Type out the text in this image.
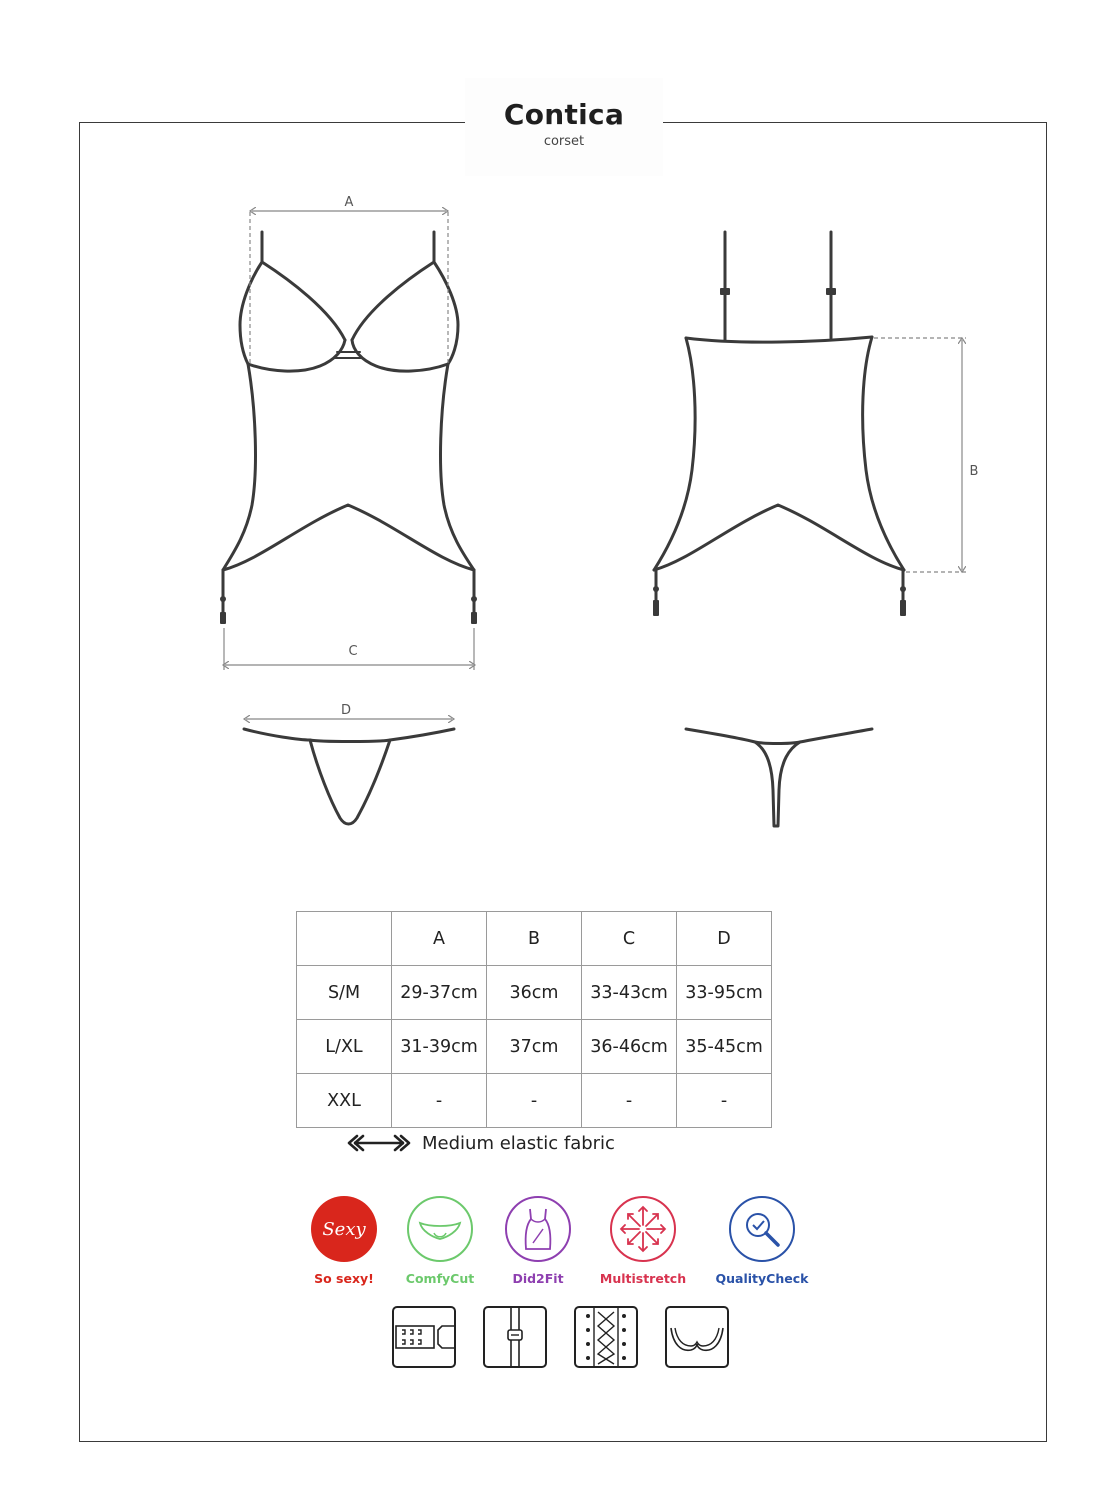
Contica
corset
A
C
B
D
	A	B	C	D
S/M	29-37cm	36cm	33-43cm	33-95cm
L/XL	31-39cm	37cm	36-46cm	35-45cm
XXL	-	-	-	-
Medium elastic fabric
Sexy
So sexy!	ComfyCut	Did2Fit	Multistretch	QualityCheck
